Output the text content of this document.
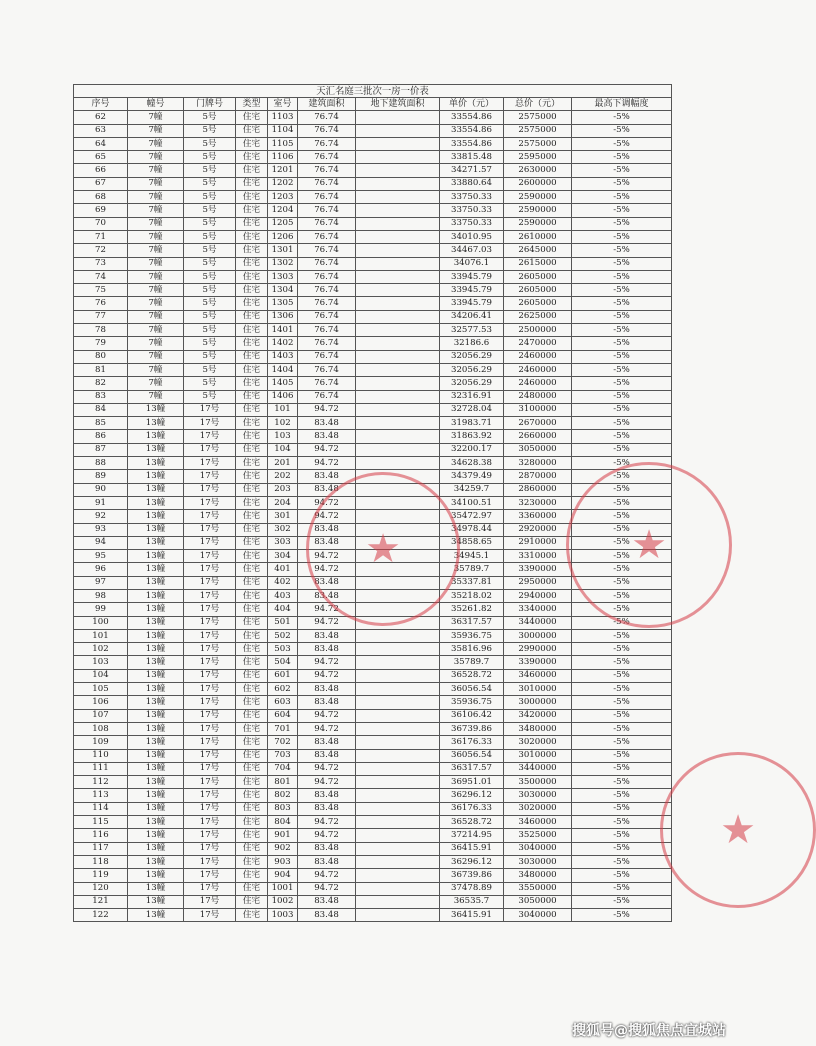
天汇名庭三批次一房一价表									
序号	幢号	门牌号	类型	室号	建筑面积	地下建筑面积	单价（元）	总价（元）	最高下调幅度
62	7幢	5号	住宅	1103	76.74		33554.86	2575000	-5%
63	7幢	5号	住宅	1104	76.74		33554.86	2575000	-5%
64	7幢	5号	住宅	1105	76.74		33554.86	2575000	-5%
65	7幢	5号	住宅	1106	76.74		33815.48	2595000	-5%
66	7幢	5号	住宅	1201	76.74		34271.57	2630000	-5%
67	7幢	5号	住宅	1202	76.74		33880.64	2600000	-5%
68	7幢	5号	住宅	1203	76.74		33750.33	2590000	-5%
69	7幢	5号	住宅	1204	76.74		33750.33	2590000	-5%
70	7幢	5号	住宅	1205	76.74		33750.33	2590000	-5%
71	7幢	5号	住宅	1206	76.74		34010.95	2610000	-5%
72	7幢	5号	住宅	1301	76.74		34467.03	2645000	-5%
73	7幢	5号	住宅	1302	76.74		34076.1	2615000	-5%
74	7幢	5号	住宅	1303	76.74		33945.79	2605000	-5%
75	7幢	5号	住宅	1304	76.74		33945.79	2605000	-5%
76	7幢	5号	住宅	1305	76.74		33945.79	2605000	-5%
77	7幢	5号	住宅	1306	76.74		34206.41	2625000	-5%
78	7幢	5号	住宅	1401	76.74		32577.53	2500000	-5%
79	7幢	5号	住宅	1402	76.74		32186.6	2470000	-5%
80	7幢	5号	住宅	1403	76.74		32056.29	2460000	-5%
81	7幢	5号	住宅	1404	76.74		32056.29	2460000	-5%
82	7幢	5号	住宅	1405	76.74		32056.29	2460000	-5%
83	7幢	5号	住宅	1406	76.74		32316.91	2480000	-5%
84	13幢	17号	住宅	101	94.72		32728.04	3100000	-5%
85	13幢	17号	住宅	102	83.48		31983.71	2670000	-5%
86	13幢	17号	住宅	103	83.48		31863.92	2660000	-5%
87	13幢	17号	住宅	104	94.72		32200.17	3050000	-5%
88	13幢	17号	住宅	201	94.72		34628.38	3280000	-5%
89	13幢	17号	住宅	202	83.48		34379.49	2870000	-5%
90	13幢	17号	住宅	203	83.48		34259.7	2860000	-5%
91	13幢	17号	住宅	204	94.72		34100.51	3230000	-5%
92	13幢	17号	住宅	301	94.72		35472.97	3360000	-5%
93	13幢	17号	住宅	302	83.48		34978.44	2920000	-5%
94	13幢	17号	住宅	303	83.48		34858.65	2910000	-5%
95	13幢	17号	住宅	304	94.72		34945.1	3310000	-5%
96	13幢	17号	住宅	401	94.72		35789.7	3390000	-5%
97	13幢	17号	住宅	402	83.48		35337.81	2950000	-5%
98	13幢	17号	住宅	403	83.48		35218.02	2940000	-5%
99	13幢	17号	住宅	404	94.72		35261.82	3340000	-5%
100	13幢	17号	住宅	501	94.72		36317.57	3440000	-5%
101	13幢	17号	住宅	502	83.48		35936.75	3000000	-5%
102	13幢	17号	住宅	503	83.48		35816.96	2990000	-5%
103	13幢	17号	住宅	504	94.72		35789.7	3390000	-5%
104	13幢	17号	住宅	601	94.72		36528.72	3460000	-5%
105	13幢	17号	住宅	602	83.48		36056.54	3010000	-5%
106	13幢	17号	住宅	603	83.48		35936.75	3000000	-5%
107	13幢	17号	住宅	604	94.72		36106.42	3420000	-5%
108	13幢	17号	住宅	701	94.72		36739.86	3480000	-5%
109	13幢	17号	住宅	702	83.48		36176.33	3020000	-5%
110	13幢	17号	住宅	703	83.48		36056.54	3010000	-5%
111	13幢	17号	住宅	704	94.72		36317.57	3440000	-5%
112	13幢	17号	住宅	801	94.72		36951.01	3500000	-5%
113	13幢	17号	住宅	802	83.48		36296.12	3030000	-5%
114	13幢	17号	住宅	803	83.48		36176.33	3020000	-5%
115	13幢	17号	住宅	804	94.72		36528.72	3460000	-5%
116	13幢	17号	住宅	901	94.72		37214.95	3525000	-5%
117	13幢	17号	住宅	902	83.48		36415.91	3040000	-5%
118	13幢	17号	住宅	903	83.48		36296.12	3030000	-5%
119	13幢	17号	住宅	904	94.72		36739.86	3480000	-5%
120	13幢	17号	住宅	1001	94.72		37478.89	3550000	-5%
121	13幢	17号	住宅	1002	83.48		36535.7	3050000	-5%
122	13幢	17号	住宅	1003	83.48		36415.91	3040000	-5%
★	★
★
搜狐号@搜狐焦点宜城站
